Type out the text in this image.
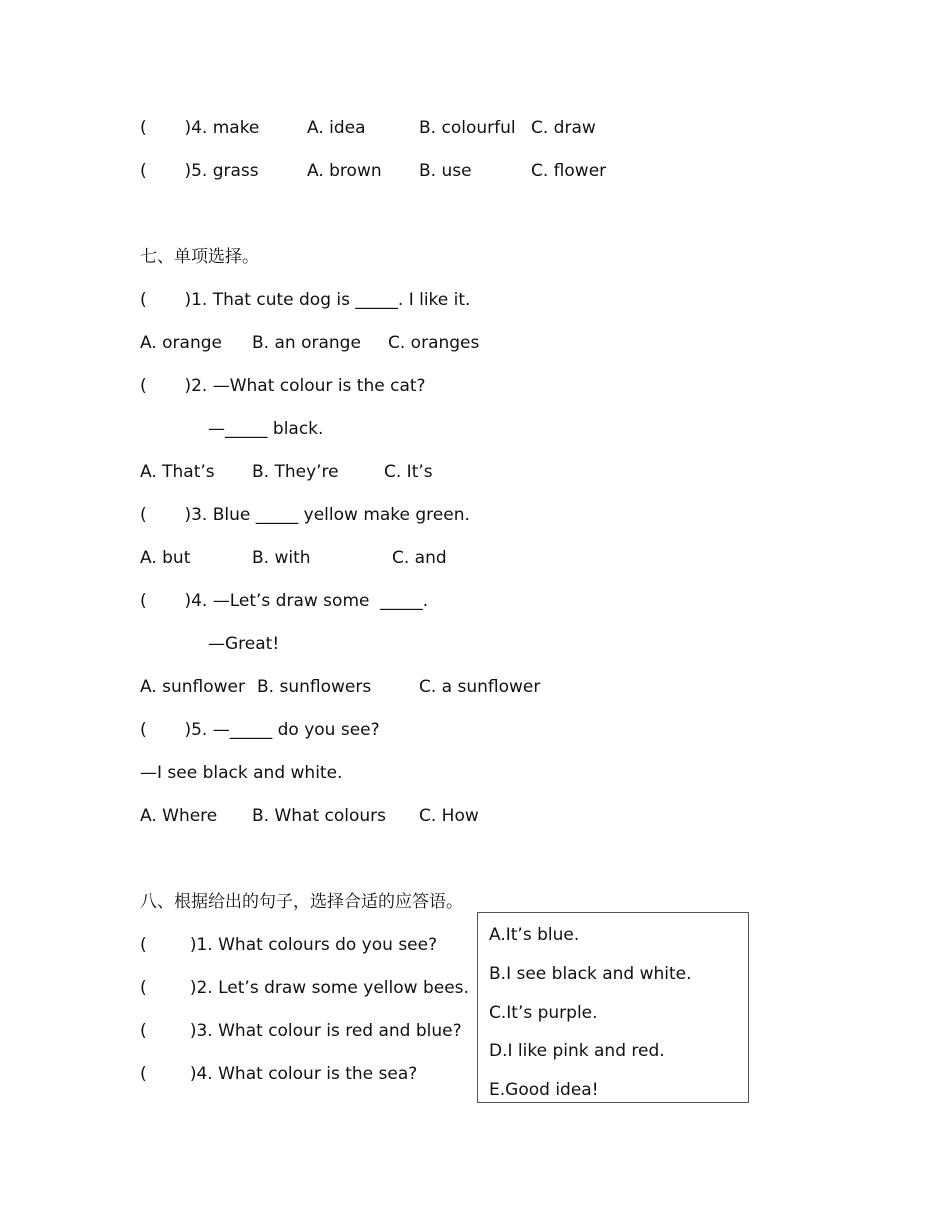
(       )4. make	A. idea	B. colourful C. draw
(       )5. grass	A. brown B. use	C. flower
七、单项选择。
(       )1. That cute dog is _____. I like it.
A. orange B. an orange C. oranges
(       )2. —What colour is the cat?
—_____ black.
A. That’s B. They’re	C. It’s
(       )3. Blue _____ yellow make green.
A. but	B. with	C. and
(       )4. —Let’s draw some  _____.
—Great!
A. sunflower B. sunflowers	C. a sunflower
(       )5. —_____ do you see?
—I see black and white.
A. Where B. What colours C. How
八、根据给出的句子，选择合适的应答语。
(        )1. What colours do you see?
(        )2. Let’s draw some yellow bees.
(        )3. What colour is red and blue?
(        )4. What colour is the sea?
A.It’s blue.
B.I see black and white.
C.It’s purple.
D.I like pink and red.
E.Good idea!
